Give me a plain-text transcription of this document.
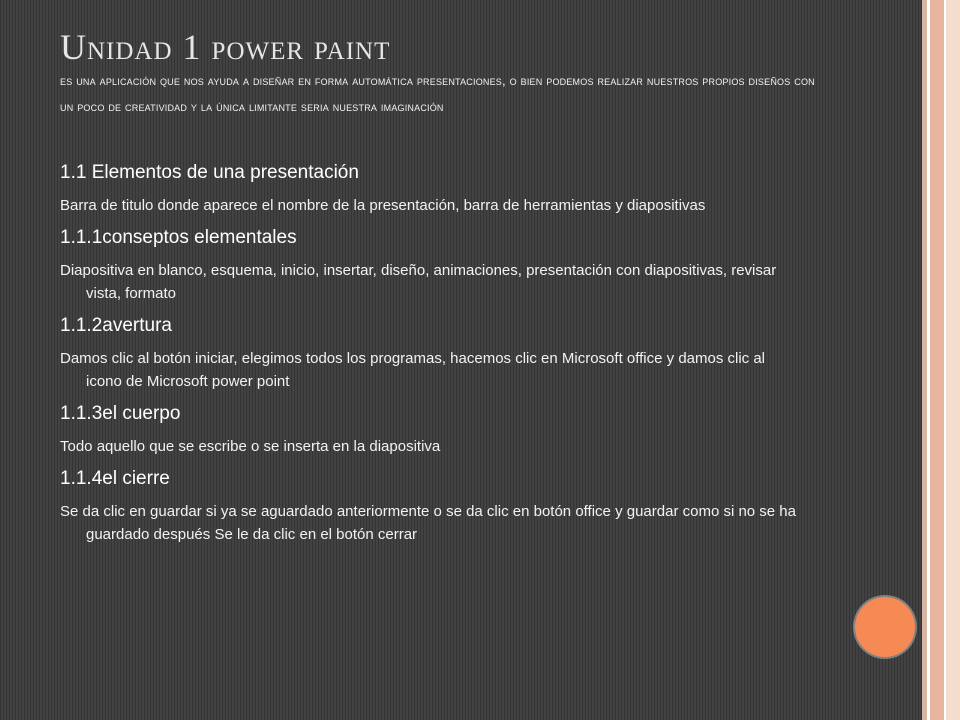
Unidad 1 power paint

es una aplicación que nos ayuda a diseñar en forma automática presentaciones, o bien podemos realizar nuestros propios diseños con un poco de creatividad y la única limitante seria nuestra imaginación

1.1 Elementos de una presentación

Barra de titulo donde aparece el nombre de la presentación, barra de herramientas y diapositivas

1.1.1conseptos elementales

Diapositiva en blanco, esquema, inicio, insertar, diseño, animaciones, presentación con diapositivas, revisar vista, formato

1.1.2avertura

Damos clic al botón iniciar, elegimos todos los programas, hacemos clic en Microsoft office y damos clic al icono de Microsoft power point

1.1.3el cuerpo

Todo aquello que se escribe o se inserta en la diapositiva

1.1.4el cierre

Se da clic en guardar si ya se aguardado anteriormente o se da clic en botón office y guardar como si no se ha guardado después Se le da clic en el botón cerrar
